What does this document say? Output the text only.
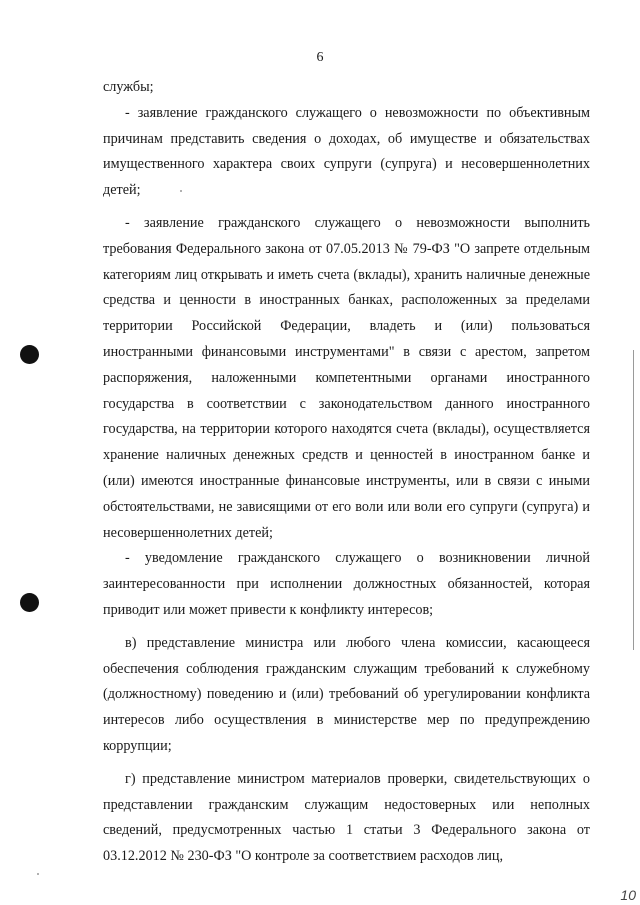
6

службы;

- заявление гражданского служащего о невозможности по объективным причинам представить сведения о доходах, об имуществе и обязательствах имущественного характера своих супруги (супруга) и несовершеннолетних детей;

- заявление гражданского служащего о невозможности выполнить требования Федерального закона от 07.05.2013 № 79-ФЗ "О запрете отдельным категориям лиц открывать и иметь счета (вклады), хранить наличные денежные средства и ценности в иностранных банках, расположенных за пределами территории Российской Федерации, владеть и (или) пользоваться иностранными финансовыми инструментами" в связи с арестом, запретом распоряжения, наложенными компетентными органами иностранного государства в соответствии с законодательством данного иностранного государства, на территории которого находятся счета (вклады), осуществляется хранение наличных денежных средств и ценностей в иностранном банке и (или) имеются иностранные финансовые инструменты, или в связи с иными обстоятельствами, не зависящими от его воли или воли его супруги (супруга) и несовершеннолетних детей;

- уведомление гражданского служащего о возникновении личной заинтересованности при исполнении должностных обязанностей, которая приводит или может привести к конфликту интересов;

в) представление министра или любого члена комиссии, касающееся обеспечения соблюдения гражданским служащим требований к служебному (должностному) поведению и (или) требований об урегулировании конфликта интересов либо осуществления в министерстве мер по предупреждению коррупции;

г) представление министром материалов проверки, свидетельствующих о представлении гражданским служащим недостоверных или неполных сведений, предусмотренных частью 1 статьи 3 Федерального закона от 03.12.2012 № 230-ФЗ "О контроле за соответствием расходов лиц,

10
